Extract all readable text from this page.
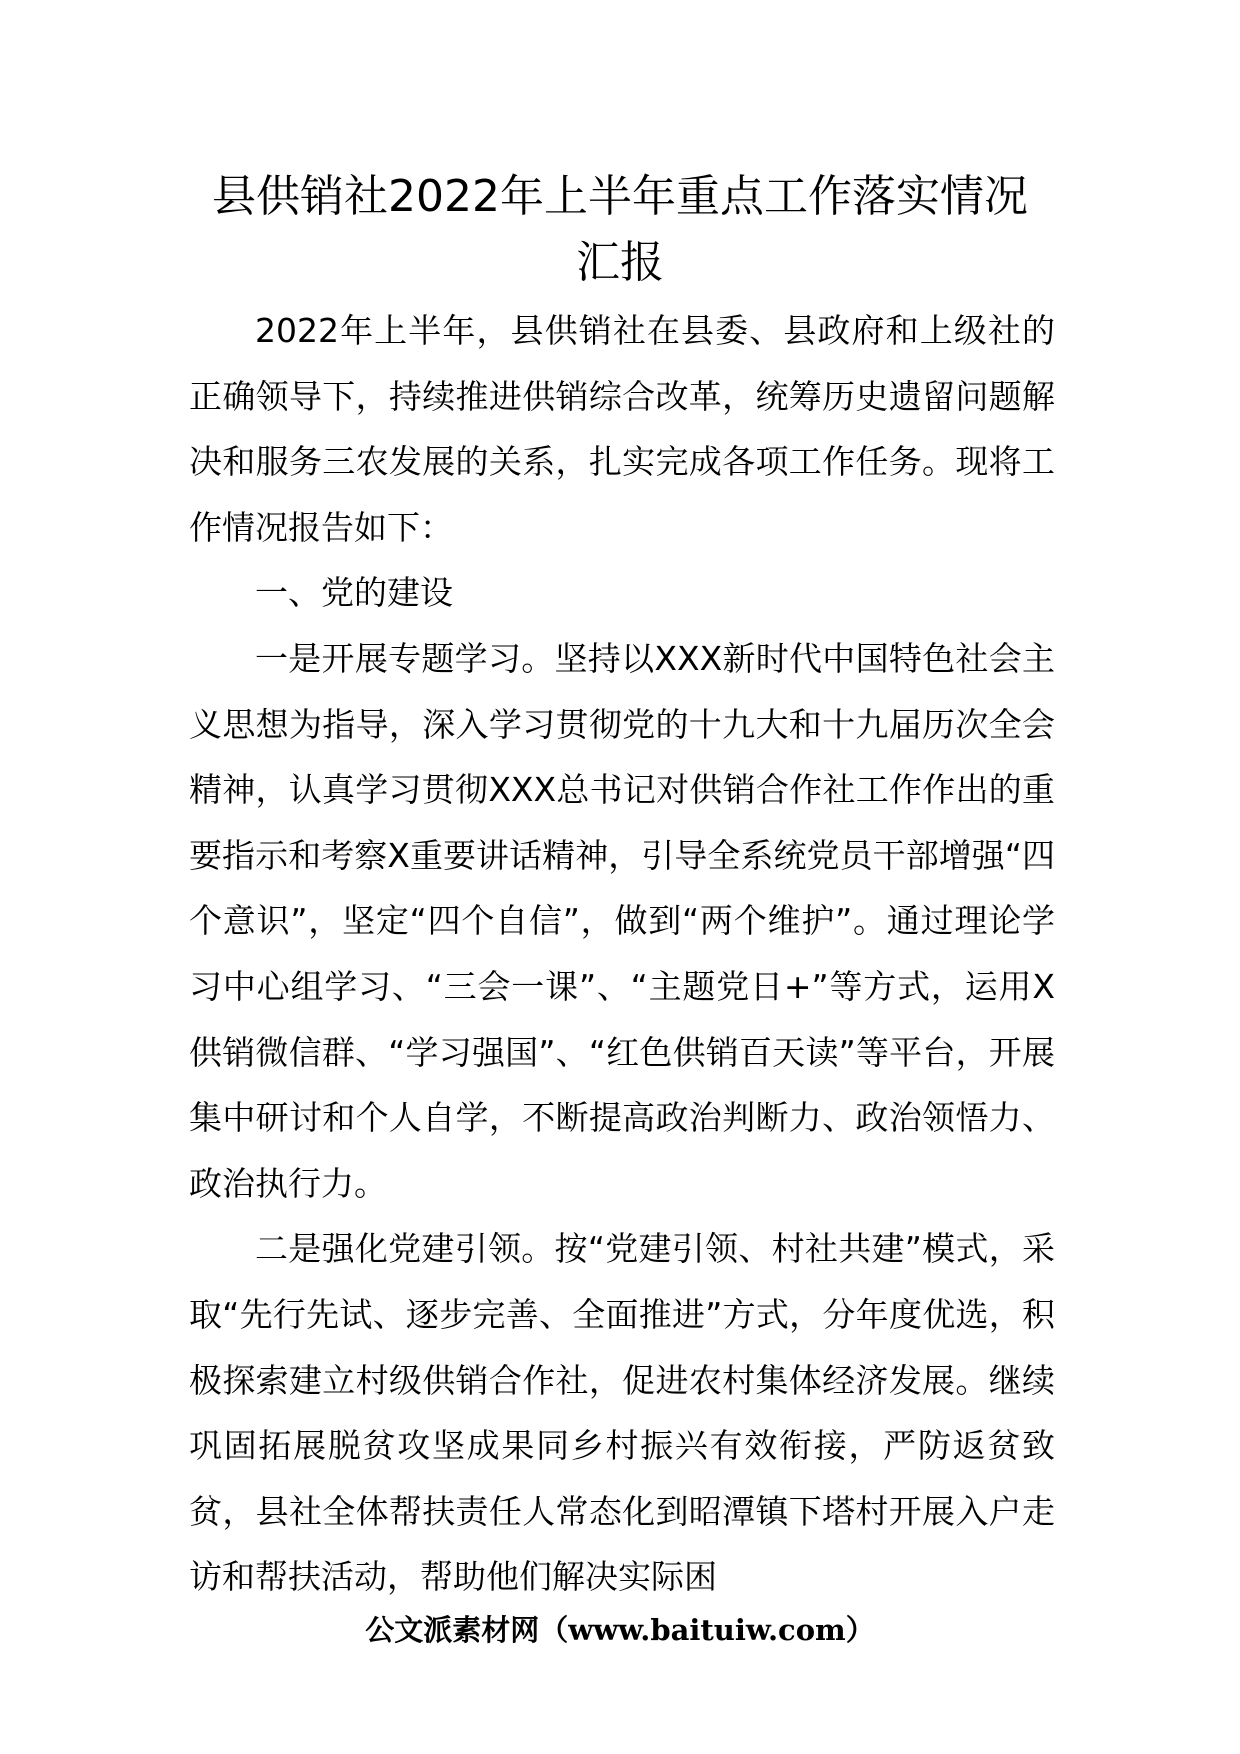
县供销社2022年上半年重点工作落实情况
汇报

2022年上半年，县供销社在县委、县政府和上级社的正确领导下，持续推进供销综合改革，统筹历史遗留问题解决和服务三农发展的关系，扎实完成各项工作任务。现将工作情况报告如下：

一、党的建设

一是开展专题学习。坚持以XXX新时代中国特色社会主义思想为指导，深入学习贯彻党的十九大和十九届历次全会精神，认真学习贯彻XXX总书记对供销合作社工作作出的重要指示和考察X重要讲话精神，引导全系统党员干部增强“四个意识”，坚定“四个自信”，做到“两个维护”。通过理论学习中心组学习、“三会一课”、“主题党日+”等方式，运用X供销微信群、“学习强国”、“红色供销百天读”等平台，开展集中研讨和个人自学，不断提高政治判断力、政治领悟力、政治执行力。

二是强化党建引领。按“党建引领、村社共建”模式，采取“先行先试、逐步完善、全面推进”方式，分年度优选，积极探索建立村级供销合作社，促进农村集体经济发展。继续巩固拓展脱贫攻坚成果同乡村振兴有效衔接，严防返贫致贫，县社全体帮扶责任人常态化到昭潭镇下塔村开展入户走访和帮扶活动，帮助他们解决实际困

公文派素材网（www.baituiw.com）
